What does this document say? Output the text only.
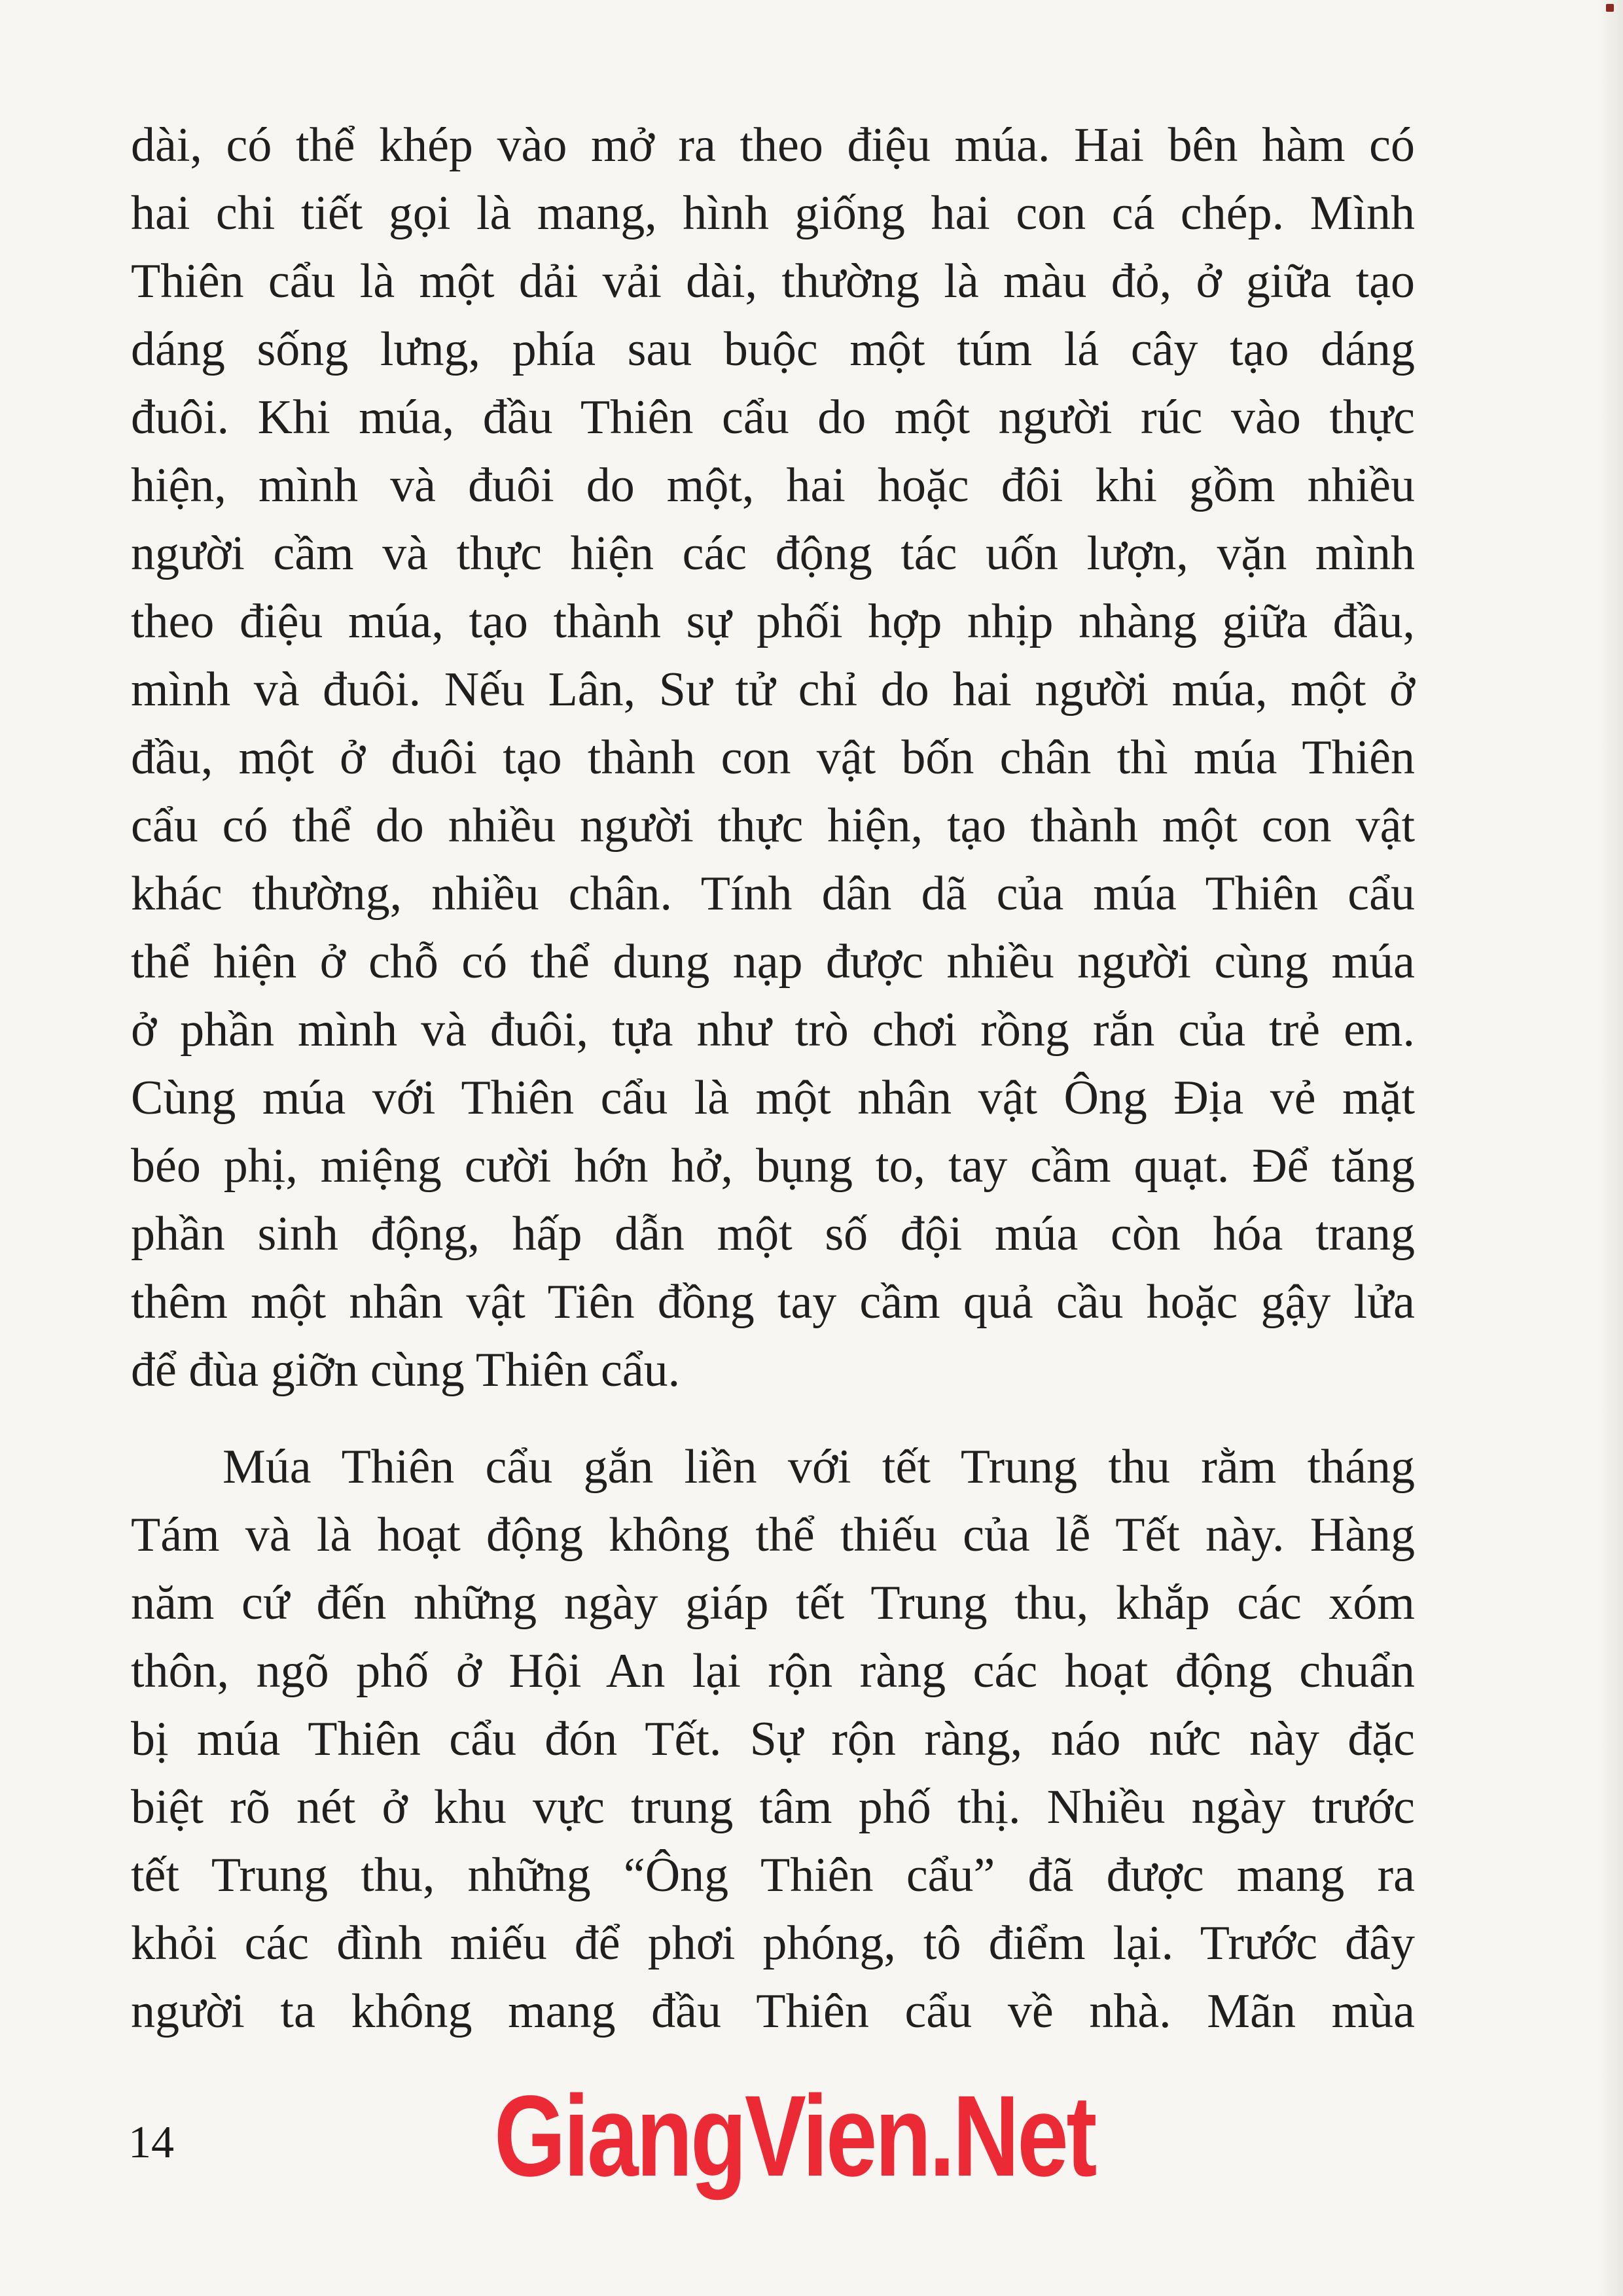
dài, có thể khép vào mở ra theo điệu múa. Hai bên hàm có
hai chi tiết gọi là mang, hình giống hai con cá chép. Mình
Thiên cẩu là một dải vải dài, thường là màu đỏ, ở giữa tạo
dáng sống lưng, phía sau buộc một túm lá cây tạo dáng
đuôi. Khi múa, đầu Thiên cẩu do một người rúc vào thực
hiện, mình và đuôi do một, hai hoặc đôi khi gồm nhiều
người cầm và thực hiện các động tác uốn lượn, vặn mình
theo điệu múa, tạo thành sự phối hợp nhịp nhàng giữa đầu,
mình và đuôi. Nếu Lân, Sư tử chỉ do hai người múa, một ở
đầu, một ở đuôi tạo thành con vật bốn chân thì múa Thiên
cẩu có thể do nhiều người thực hiện, tạo thành một con vật
khác thường, nhiều chân. Tính dân dã của múa Thiên cẩu
thể hiện ở chỗ có thể dung nạp được nhiều người cùng múa
ở phần mình và đuôi, tựa như trò chơi rồng rắn của trẻ em.
Cùng múa với Thiên cẩu là một nhân vật Ông Địa vẻ mặt
béo phị, miệng cười hớn hở, bụng to, tay cầm quạt. Để tăng
phần sinh động, hấp dẫn một số đội múa còn hóa trang
thêm một nhân vật Tiên đồng tay cầm quả cầu hoặc gậy lửa
để đùa giỡn cùng Thiên cẩu.
Múa Thiên cẩu gắn liền với tết Trung thu rằm tháng
Tám và là hoạt động không thể thiếu của lễ Tết này. Hàng
năm cứ đến những ngày giáp tết Trung thu, khắp các xóm
thôn, ngõ phố ở Hội An lại rộn ràng các hoạt động chuẩn
bị múa Thiên cẩu đón Tết. Sự rộn ràng, náo nức này đặc
biệt rõ nét ở khu vực trung tâm phố thị. Nhiều ngày trước
tết Trung thu, những “Ông Thiên cẩu” đã được mang ra
khỏi các đình miếu để phơi phóng, tô điểm lại. Trước đây
người ta không mang đầu Thiên cẩu về nhà. Mãn mùa
14	GiangVien.Net
